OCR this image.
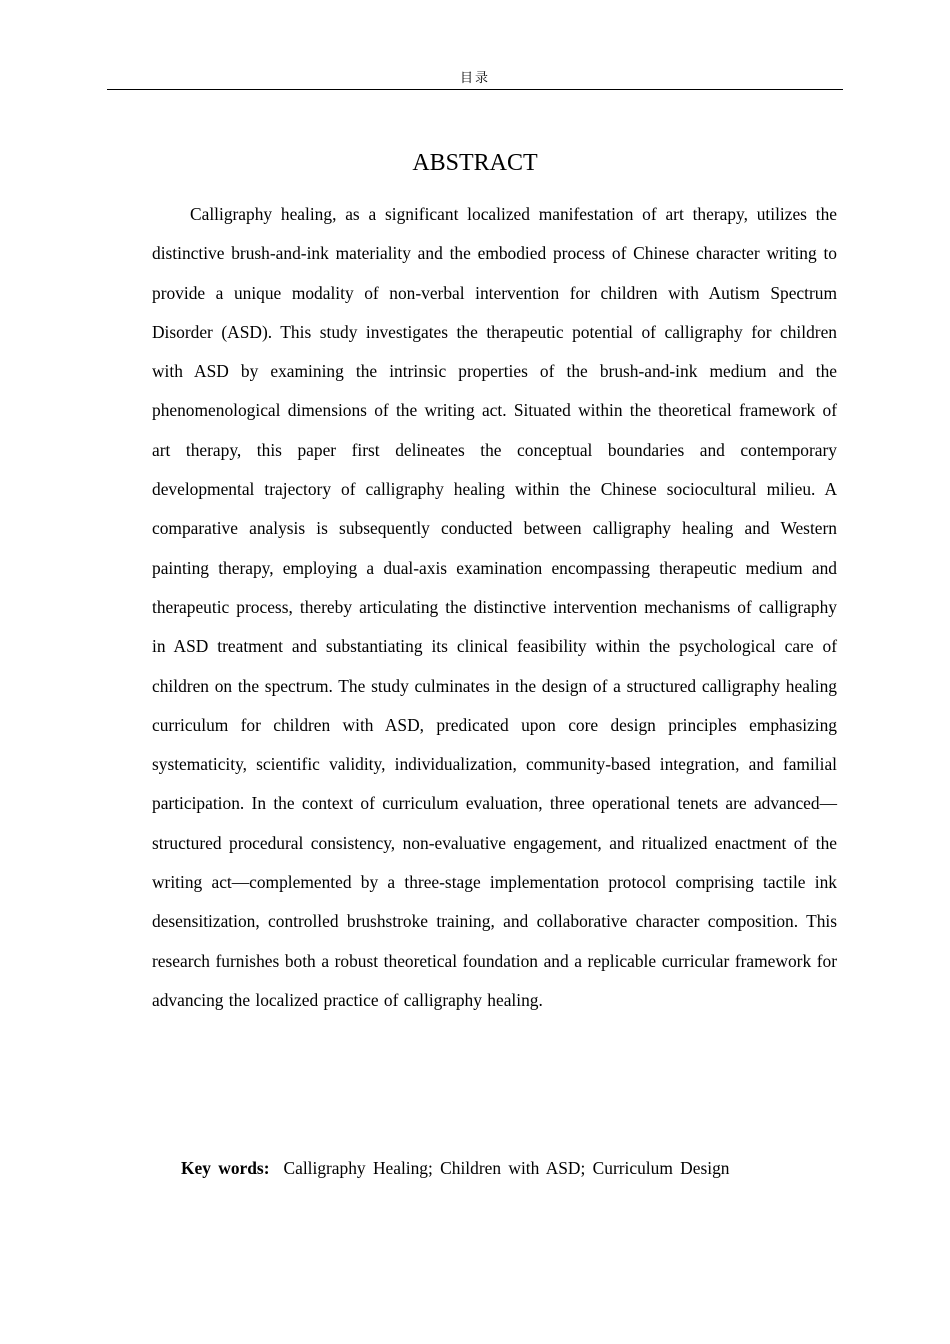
目录
ABSTRACT

Calligraphy healing, as a significant localized manifestation of art therapy, utilizes the distinctive brush-and-ink materiality and the embodied process of Chinese character writing to provide a unique modality of non-verbal intervention for children with Autism Spectrum Disorder (ASD). This study investigates the therapeutic potential of calligraphy for children with ASD by examining the intrinsic properties of the brush-and-ink medium and the phenomenological dimensions of the writing act. Situated within the theoretical framework of art therapy, this paper first delineates the conceptual boundaries and contemporary developmental trajectory of calligraphy healing within the Chinese sociocultural milieu. A comparative analysis is subsequently conducted between calligraphy healing and Western painting therapy, employing a dual-axis examination encompassing therapeutic medium and therapeutic process, thereby articulating the distinctive intervention mechanisms of calligraphy in ASD treatment and substantiating its clinical feasibility within the psychological care of children on the spectrum. The study culminates in the design of a structured calligraphy healing curriculum for children with ASD, predicated upon core design principles emphasizing systematicity, scientific validity, individualization, community-based integration, and familial participation. In the context of curriculum evaluation, three operational tenets are advanced—structured procedural consistency, non-evaluative engagement, and ritualized enactment of the writing act—complemented by a three-stage implementation protocol comprising tactile ink desensitization, controlled brushstroke training, and collaborative character composition. This research furnishes both a robust theoretical foundation and a replicable curricular framework for advancing the localized practice of calligraphy healing.

Key words: Calligraphy Healing; Children with ASD; Curriculum Design
